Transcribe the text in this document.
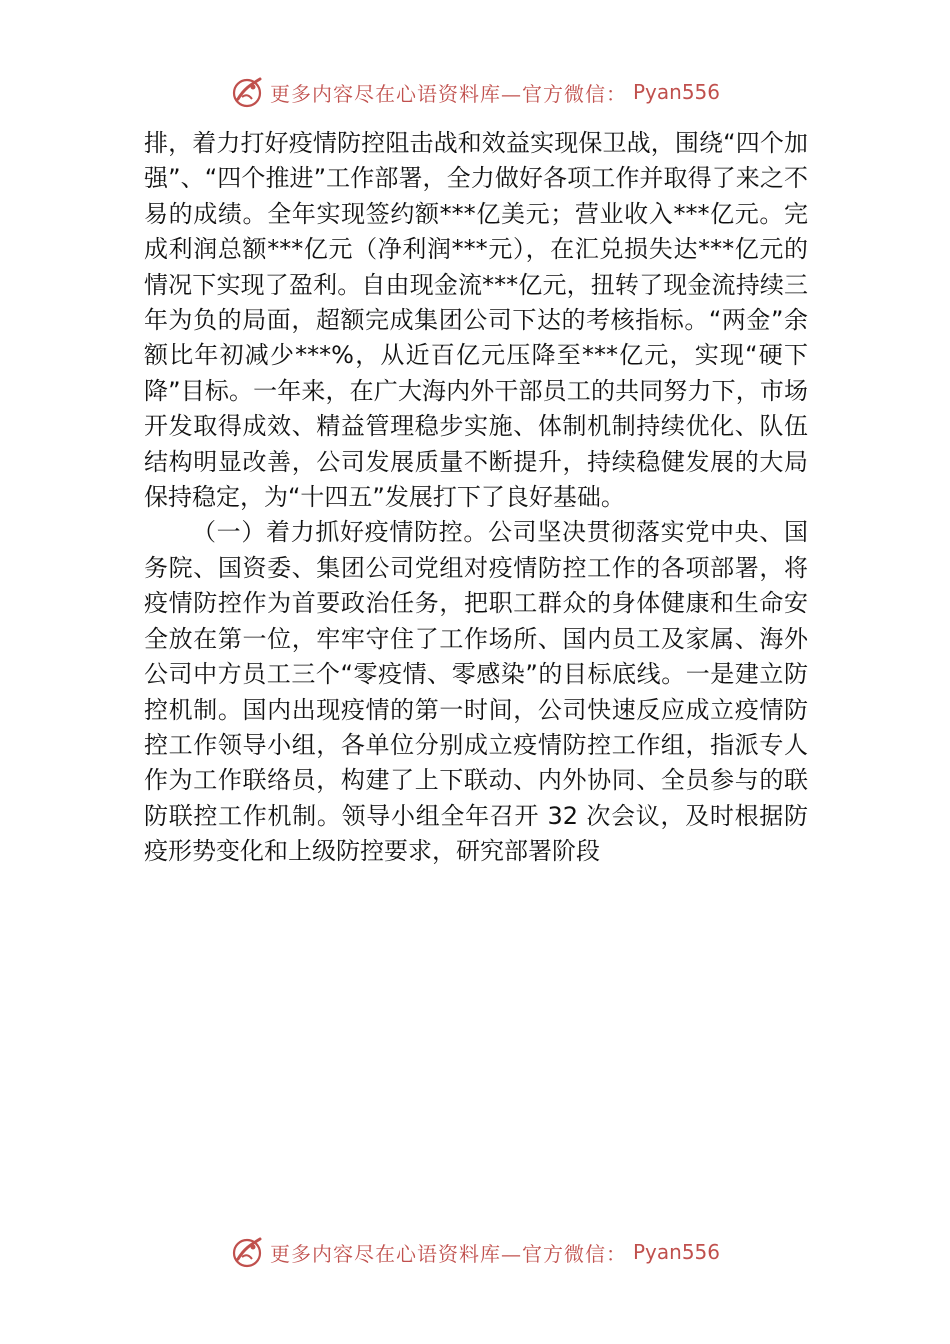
更多内容尽在心语资料库—官方微信： Pyan556

排，着力打好疫情防控阻击战和效益实现保卫战，围绕“四个加强”、“四个推进”工作部署，全力做好各项工作并取得了来之不易的成绩。全年实现签约额***亿美元；营业收入***亿元。完成利润总额***亿元（净利润***元），在汇兑损失达***亿元的情况下实现了盈利。自由现金流***亿元，扭转了现金流持续三年为负的局面，超额完成集团公司下达的考核指标。“两金”余额比年初减少***%，从近百亿元压降至***亿元，实现“硬下降”目标。一年来，在广大海内外干部员工的共同努力下，市场开发取得成效、精益管理稳步实施、体制机制持续优化、队伍结构明显改善，公司发展质量不断提升，持续稳健发展的大局保持稳定，为“十四五”发展打下了良好基础。

（一）着力抓好疫情防控。公司坚决贯彻落实党中央、国务院、国资委、集团公司党组对疫情防控工作的各项部署，将疫情防控作为首要政治任务，把职工群众的身体健康和生命安全放在第一位，牢牢守住了工作场所、国内员工及家属、海外公司中方员工三个“零疫情、零感染”的目标底线。一是建立防控机制。国内出现疫情的第一时间，公司快速反应成立疫情防控工作领导小组，各单位分别成立疫情防控工作组，指派专人作为工作联络员，构建了上下联动、内外协同、全员参与的联防联控工作机制。领导小组全年召开 32 次会议，及时根据防疫形势变化和上级防控要求，研究部署阶段

更多内容尽在心语资料库—官方微信： Pyan556
